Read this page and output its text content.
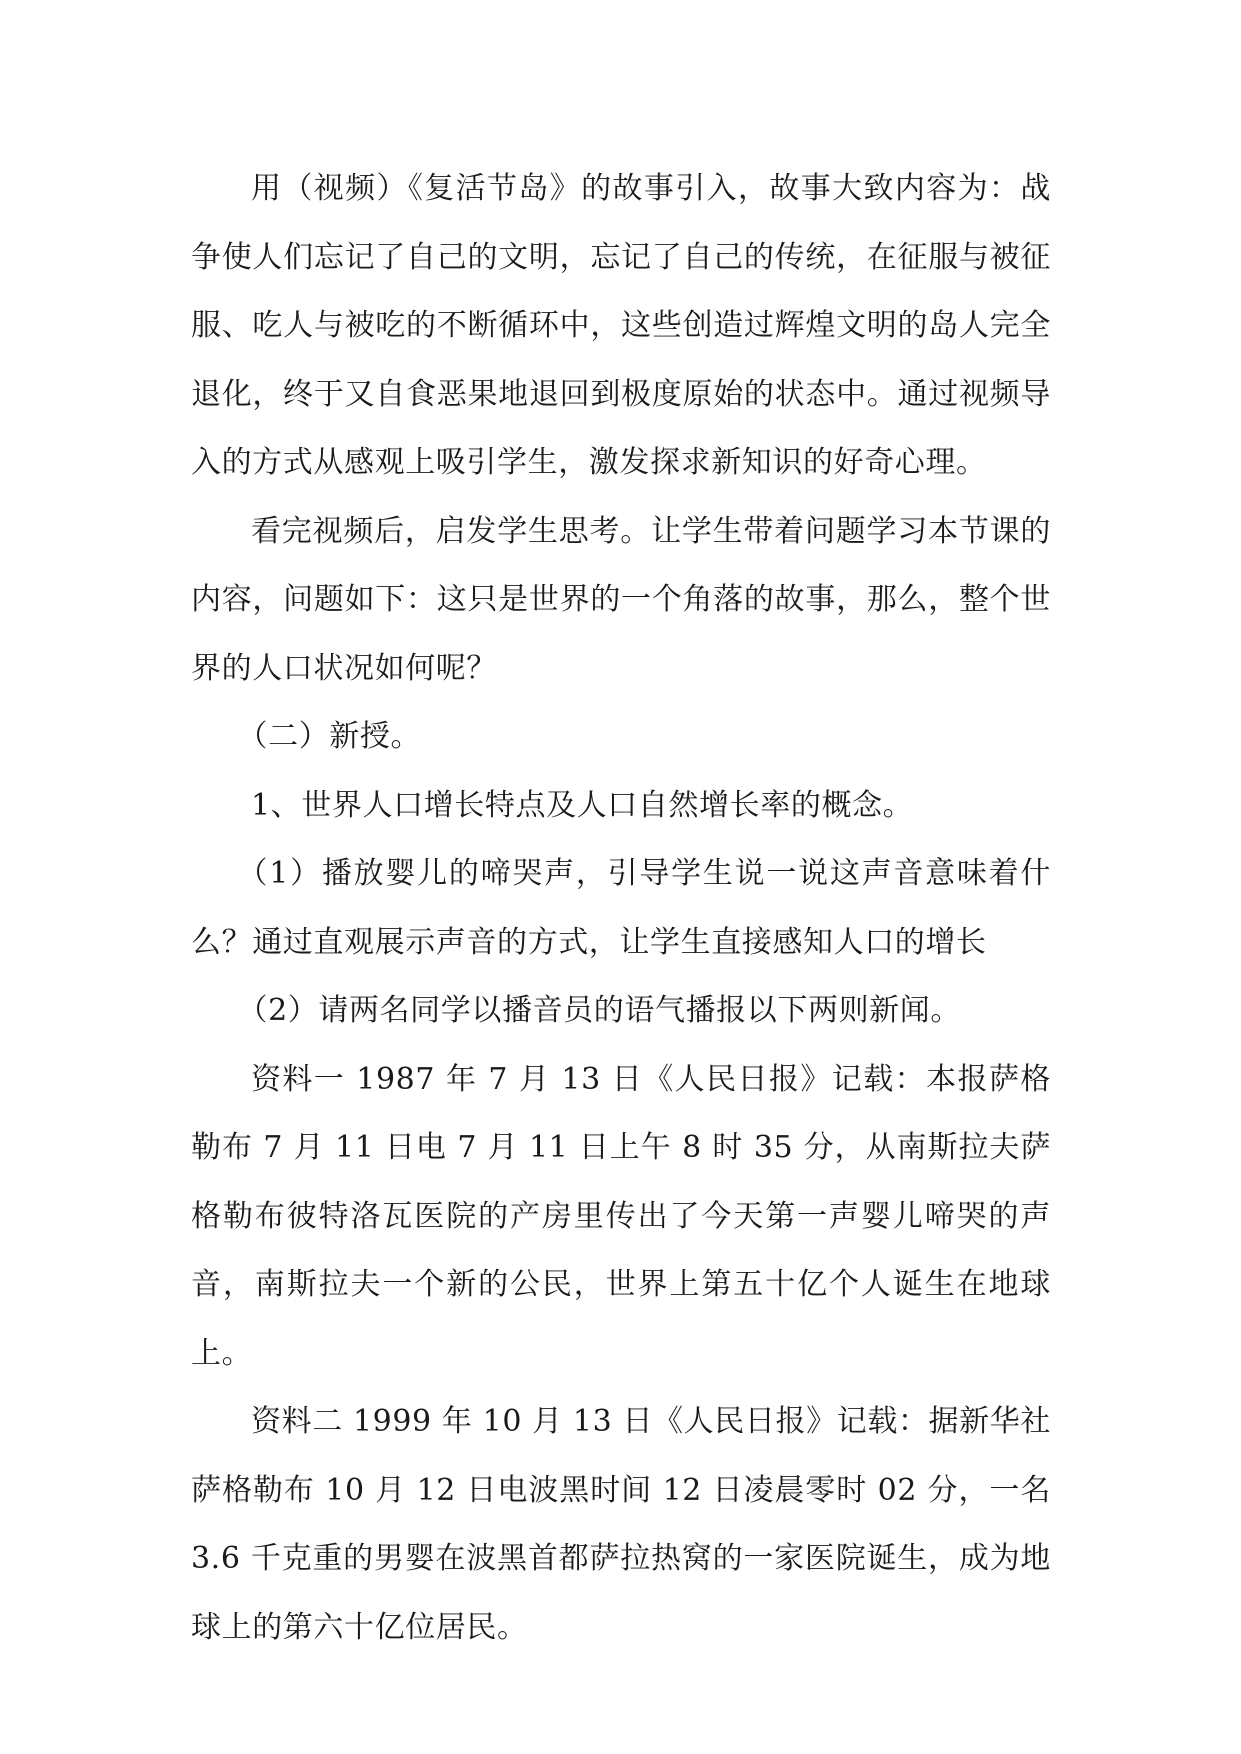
用（视频）《复活节岛》的故事引入，故事大致内容为：战争使人们忘记了自己的文明，忘记了自己的传统，在征服与被征服、吃人与被吃的不断循环中，这些创造过辉煌文明的岛人完全退化，终于又自食恶果地退回到极度原始的状态中。通过视频导入的方式从感观上吸引学生，激发探求新知识的好奇心理。

看完视频后，启发学生思考。让学生带着问题学习本节课的内容，问题如下：这只是世界的一个角落的故事，那么，整个世界的人口状况如何呢？

（二）新授。

1、世界人口增长特点及人口自然增长率的概念。

（1）播放婴儿的啼哭声，引导学生说一说这声音意味着什么？通过直观展示声音的方式，让学生直接感知人口的增长

（2）请两名同学以播音员的语气播报以下两则新闻。

资料一 1987 年 7 月 13 日《人民日报》记载：本报萨格勒布 7 月 11 日电 7 月 11 日上午 8 时 35 分，从南斯拉夫萨格勒布彼特洛瓦医院的产房里传出了今天第一声婴儿啼哭的声音，南斯拉夫一个新的公民，世界上第五十亿个人诞生在地球上。

资料二 1999 年 10 月 13 日《人民日报》记载：据新华社萨格勒布 10 月 12 日电波黑时间 12 日凌晨零时 02 分，一名 3.6 千克重的男婴在波黑首都萨拉热窝的一家医院诞生，成为地球上的第六十亿位居民。
